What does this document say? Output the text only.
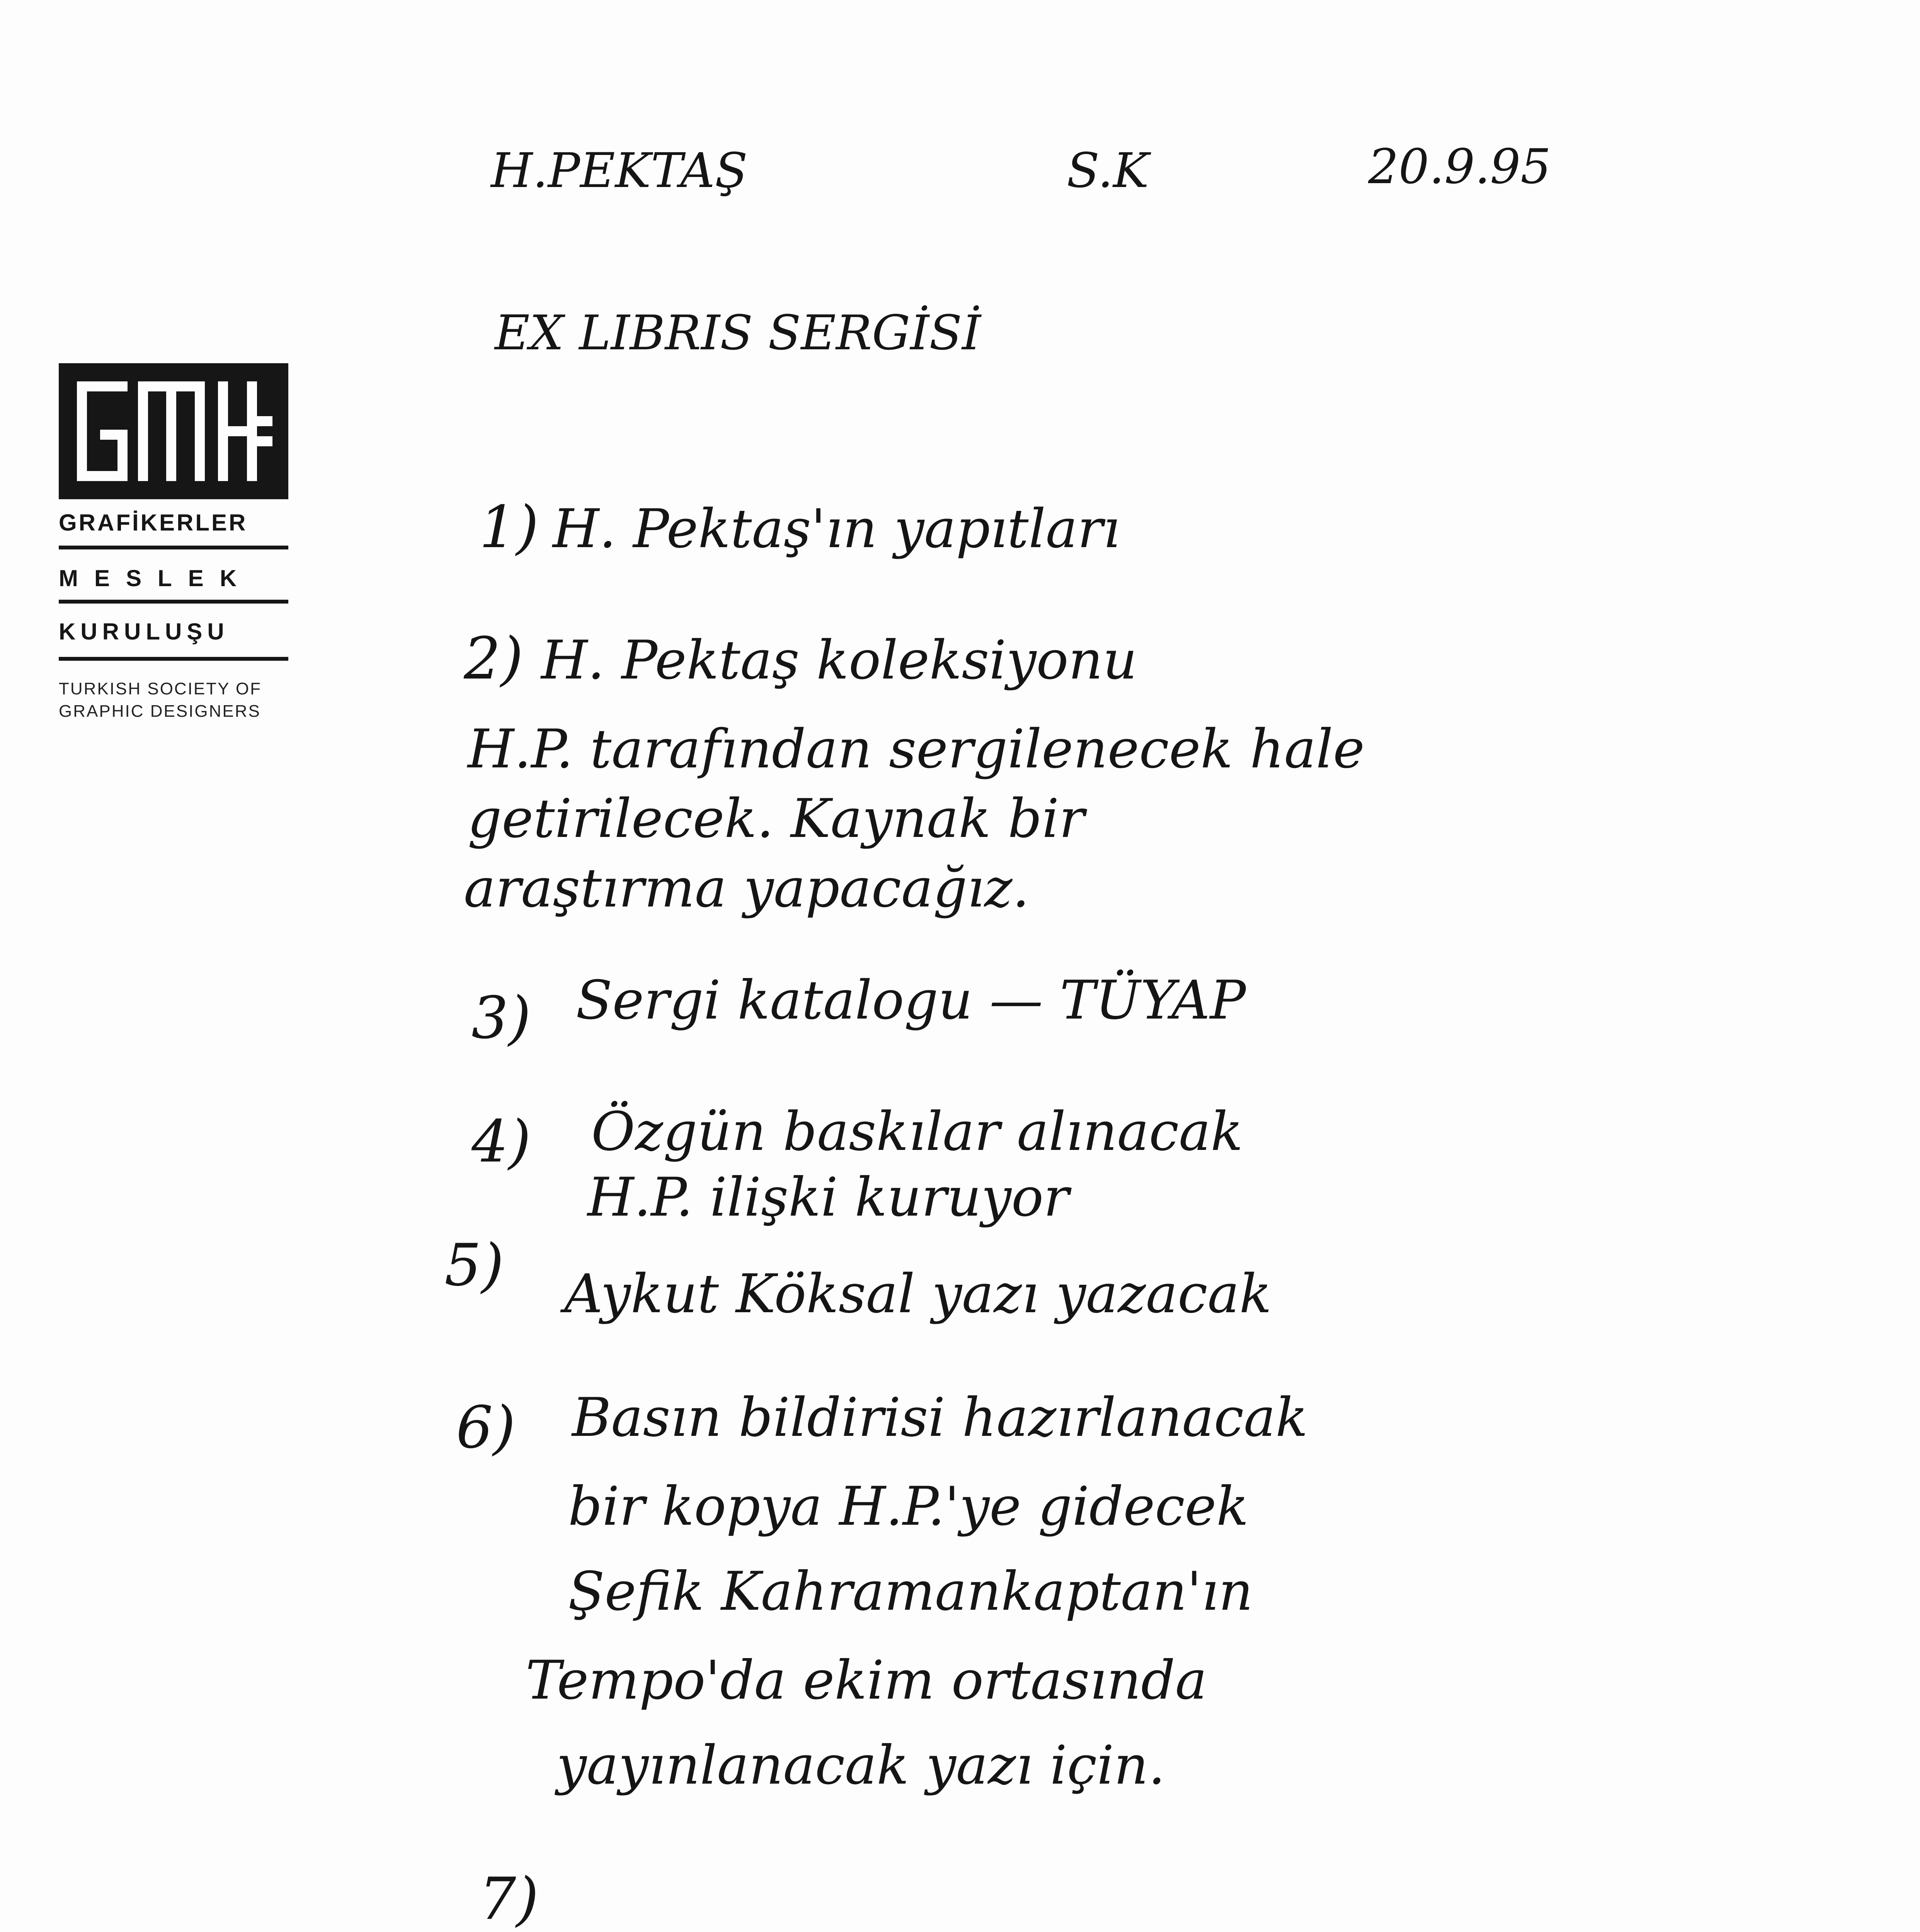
GRAFİKERLER
MESLEK
KURULUŞU
TURKISH SOCIETY OF
GRAPHIC DESIGNERS
H.PEKTAŞ	S.K	20.9.95
EX LIBRIS SERGİSİ
1) H. Pektaş'ın yapıtları
2) H. Pektaş koleksiyonu
H.P. tarafından sergilenecek hale
getirilecek. Kaynak bir
araştırma yapacağız.
3) Sergi katalogu — TÜYAP
4) Özgün baskılar alınacak
H.P. ilişki kuruyor
5) Aykut Köksal yazı yazacak
6) Basın bildirisi hazırlanacak
bir kopya H.P.'ye gidecek
Şefik Kahramankaptan'ın
Tempo'da ekim ortasında
yayınlanacak yazı için.
7)
